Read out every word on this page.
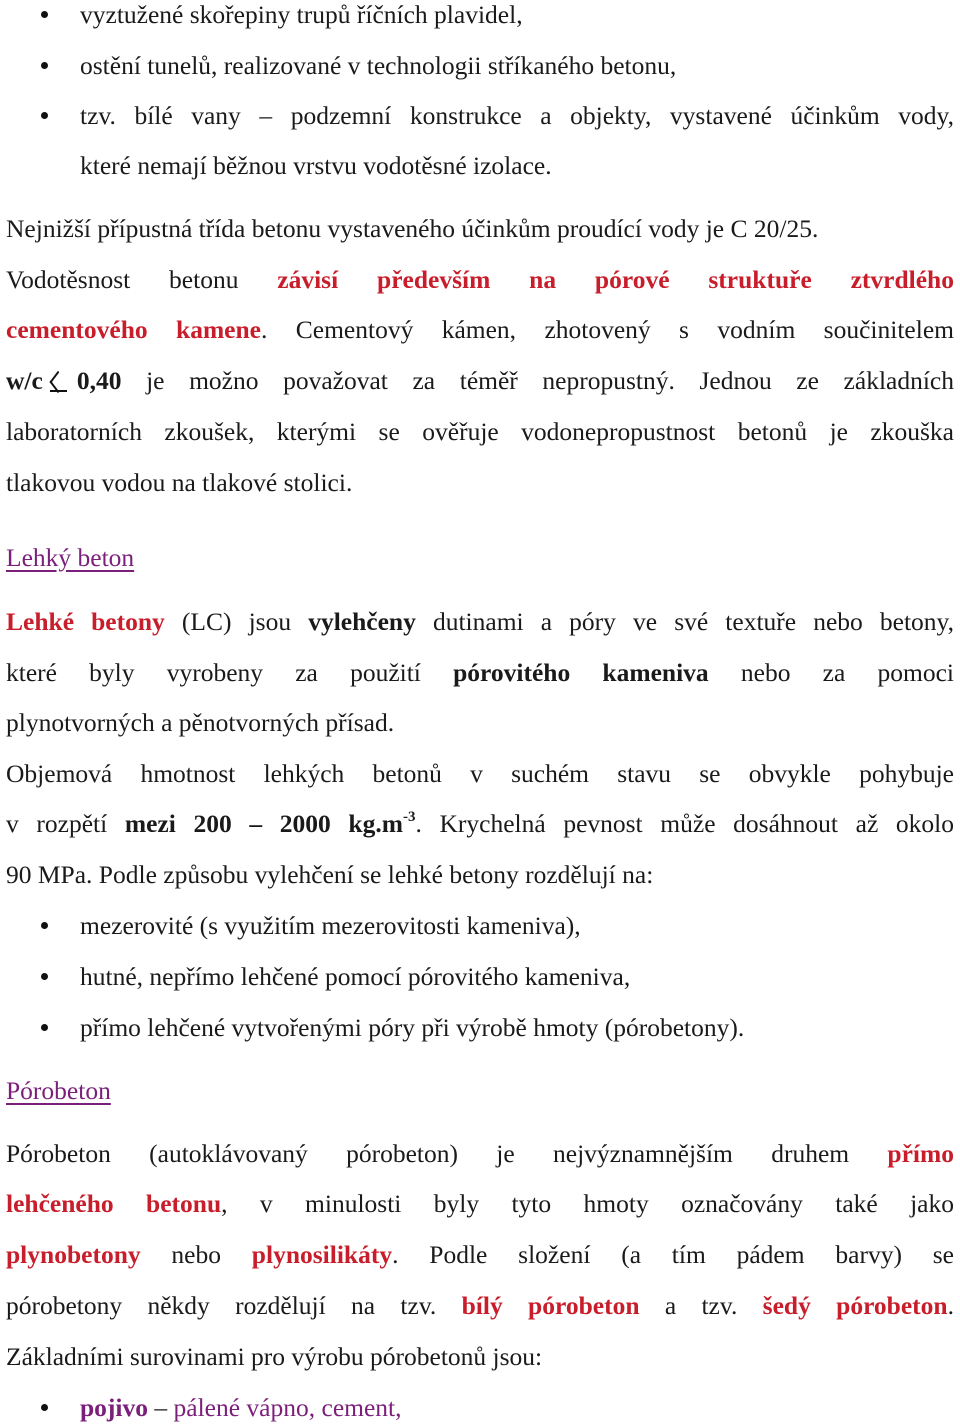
vyztužené skořepiny trupů říčních plavidel,
ostění tunelů, realizované v technologii stříkaného betonu,
tzv. bílé vany – podzemní konstrukce a objekty, vystavené účinkům vody,
které nemají běžnou vrstvu vodotěsné izolace.
Nejnižší přípustná třída betonu vystaveného účinkům proudící vody je C 20/25.
Vodotěsnost betonu závisí především na pórové struktuře ztvrdlého
cementového kamene. Cementový kámen, zhotovený s vodním součinitelem
w/c 0,40 je možno považovat za téměř nepropustný. Jednou ze základních
laboratorních zkoušek, kterými se ověřuje vodonepropustnost betonů je zkouška
tlakovou vodou na tlakové stolici.
Lehký beton
Lehké betony (LC) jsou vylehčeny dutinami a póry ve své textuře nebo betony,
které byly vyrobeny za použití pórovitého kameniva nebo za pomoci
plynotvorných a pěnotvorných přísad.
Objemová hmotnost lehkých betonů v suchém stavu se obvykle pohybuje
v rozpětí mezi 200 – 2000 $kg.m^{-3}$. Krychelná pevnost může dosáhnout až okolo
90 MPa. Podle způsobu vylehčení se lehké betony rozdělují na:
mezerovité (s využitím mezerovitosti kameniva),
hutné, nepřímo lehčené pomocí pórovitého kameniva,
přímo lehčené vytvořenými póry při výrobě hmoty (pórobetony).
Pórobeton
Pórobeton (autoklávovaný pórobeton) je nejvýznamnějším druhem přímo
lehčeného betonu, v minulosti byly tyto hmoty označovány také jako
plynobetony nebo plynosilikáty. Podle složení (a tím pádem barvy) se
pórobetony někdy rozdělují na tzv. bílý pórobeton a tzv. šedý pórobeton.
Základními surovinami pro výrobu pórobetonů jsou:
pojivo – pálené vápno, cement,
